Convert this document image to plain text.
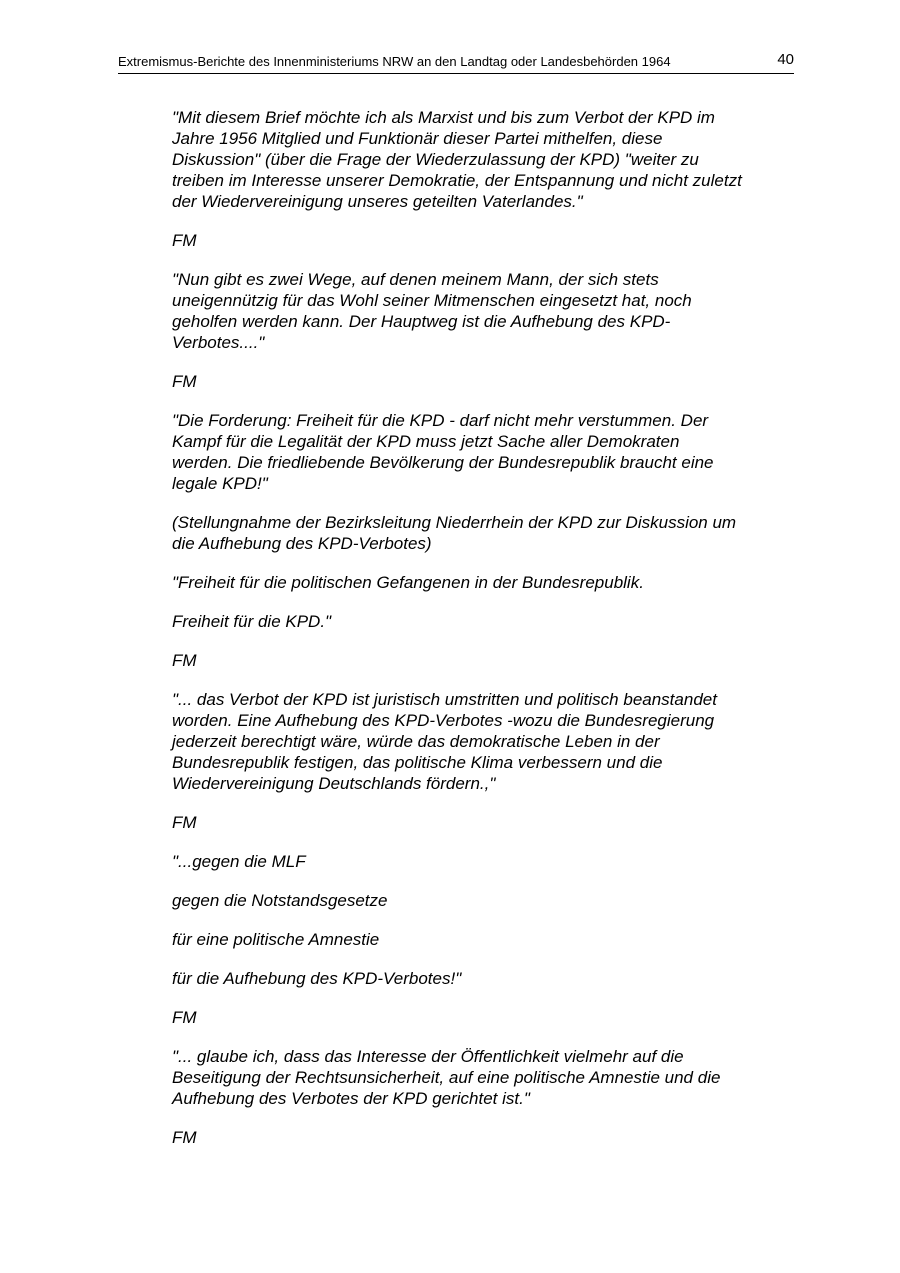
Extremismus-Berichte des Innenministeriums NRW an den Landtag oder Landesbehörden 1964	40

"Mit diesem Brief möchte ich als Marxist und bis zum Verbot der KPD im
Jahre 1956 Mitglied und Funktionär dieser Partei mithelfen, diese
Diskussion" (über die Frage der Wiederzulassung der KPD) "weiter zu
treiben im Interesse unserer Demokratie, der Entspannung und nicht zuletzt
der Wiedervereinigung unseres geteilten Vaterlandes."

FM

"Nun gibt es zwei Wege, auf denen meinem Mann, der sich stets
uneigennützig für das Wohl seiner Mitmenschen eingesetzt hat, noch
geholfen werden kann. Der Hauptweg ist die Aufhebung des KPD-
Verbotes...."

FM

"Die Forderung: Freiheit für die KPD - darf nicht mehr verstummen. Der
Kampf für die Legalität der KPD muss jetzt Sache aller Demokraten
werden. Die friedliebende Bevölkerung der Bundesrepublik braucht eine
legale KPD!"

(Stellungnahme der Bezirksleitung Niederrhein der KPD zur Diskussion um
die Aufhebung des KPD-Verbotes)

"Freiheit für die politischen Gefangenen in der Bundesrepublik.

Freiheit für die KPD."

FM

"... das Verbot der KPD ist juristisch umstritten und politisch beanstandet
worden. Eine Aufhebung des KPD-Verbotes -wozu die Bundesregierung
jederzeit berechtigt wäre, würde das demokratische Leben in der
Bundesrepublik festigen, das politische Klima verbessern und die
Wiedervereinigung Deutschlands fördern.,"

FM

"...gegen die MLF

gegen die Notstandsgesetze

für eine politische Amnestie

für die Aufhebung des KPD-Verbotes!"

FM

"... glaube ich, dass das Interesse der Öffentlichkeit vielmehr auf die
Beseitigung der Rechtsunsicherheit, auf eine politische Amnestie und die
Aufhebung des Verbotes der KPD gerichtet ist."

FM
